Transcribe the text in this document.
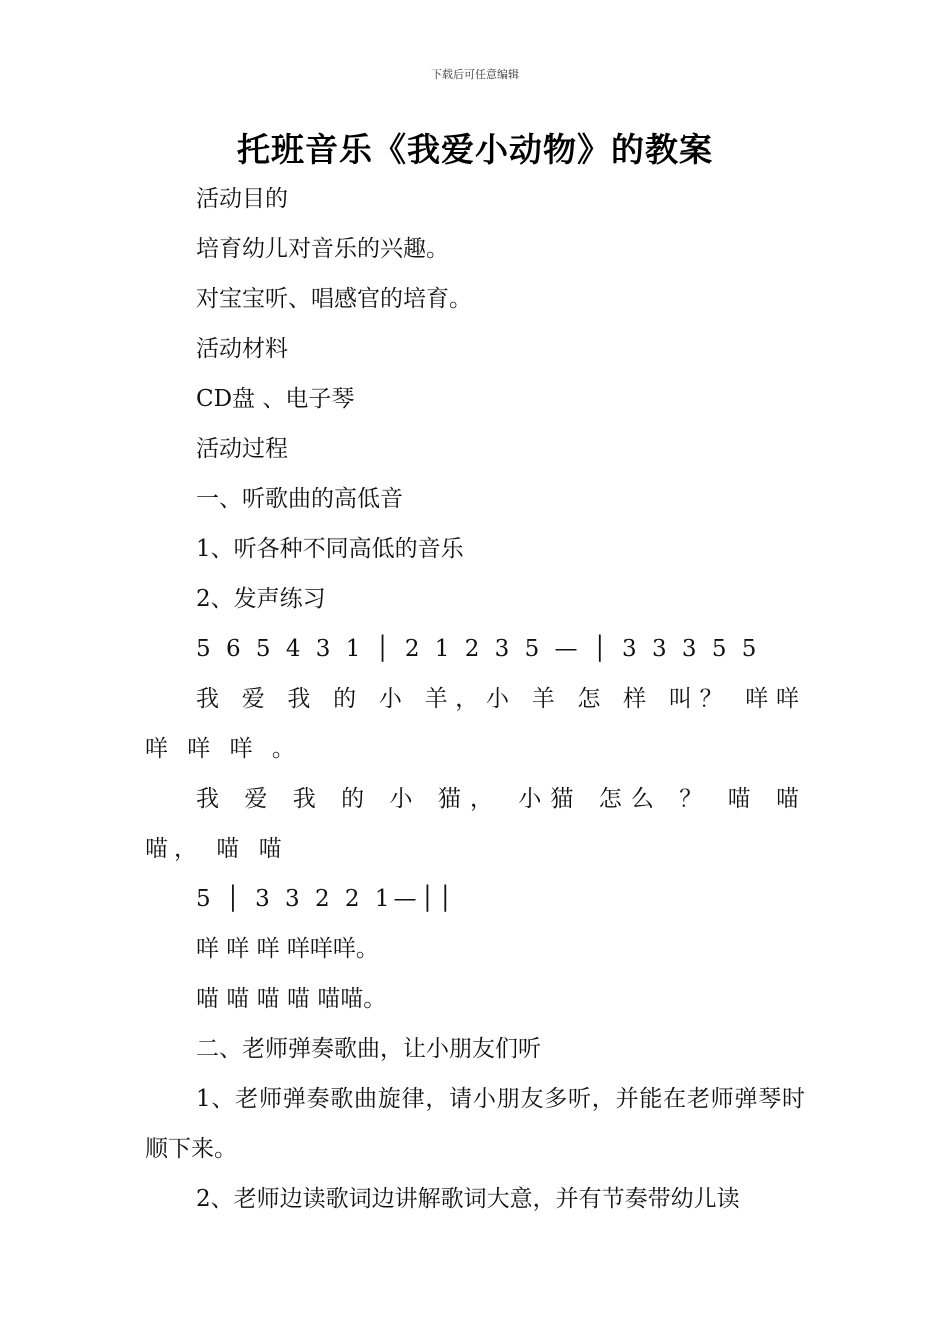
下载后可任意编辑
托班音乐《我爱小动物》的教案
活动目的
培育幼儿对音乐的兴趣。
对宝宝听、唱感官的培育。
活动材料
CD盘 、电子琴
活动过程
一、听歌曲的高低音
1、听各种不同高低的音乐
2、发声练习
5 6 5 4 3 1 │ 2 1 2 3 5 — │ 3 3 3 5 5
我 爱 我 的 小 羊，小 羊 怎 样 叫？ 咩咩 咩 咩 咩 。
我 爱 我 的 小 猫， 小猫 怎么 ？ 喵 喵 喵， 喵 喵
5 │ 3 3 2 2 1—││
咩 咩 咩 咩咩咩。
喵 喵 喵 喵 喵喵。
二、老师弹奏歌曲，让小朋友们听
1、老师弹奏歌曲旋律，请小朋友多听，并能在老师弹琴时顺下来。
2、老师边读歌词边讲解歌词大意，并有节奏带幼儿读
